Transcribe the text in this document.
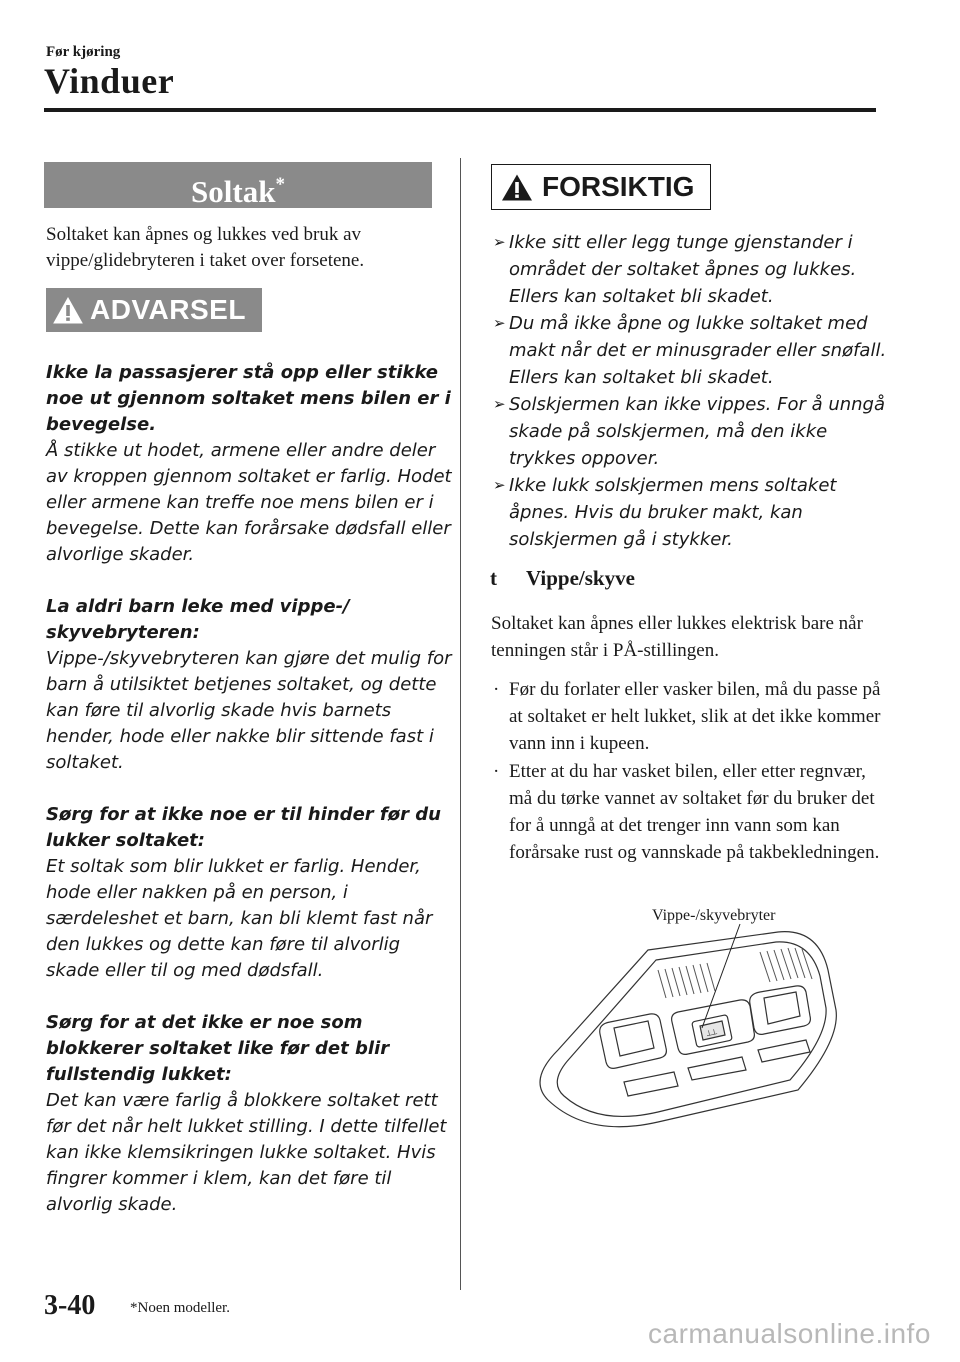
Før kjøring
Vinduer
Soltak*
Soltaket kan åpnes og lukkes ved bruk av vippe/glidebryteren i taket over forsetene.
ADVARSEL

Ikke la passasjerer stå opp eller stikke noe ut gjennom soltaket mens bilen er i bevegelse.
Å stikke ut hodet, armene eller andre deler av kroppen gjennom soltaket er farlig. Hodet eller armene kan treffe noe mens bilen er i bevegelse. Dette kan forårsake dødsfall eller alvorlige skader.

La aldri barn leke med vippe-/ skyvebryteren:
Vippe-/skyvebryteren kan gjøre det mulig for barn å utilsiktet betjenes soltaket, og dette kan føre til alvorlig skade hvis barnets hender, hode eller nakke blir sittende fast i soltaket.

Sørg for at ikke noe er til hinder før du lukker soltaket:
Et soltak som blir lukket er farlig. Hender, hode eller nakken på en person, i særdeleshet et barn, kan bli klemt fast når den lukkes og dette kan føre til alvorlig skade eller til og med dødsfall.

Sørg for at det ikke er noe som blokkerer soltaket like før det blir fullstendig lukket:
Det kan være farlig å blokkere soltaket rett før det når helt lukket stilling. I dette tilfellet kan ikke klemsikringen lukke soltaket. Hvis fingrer kommer i klem, kan det føre til alvorlig skade.

FORSIKTIG
➢ Ikke sitt eller legg tunge gjenstander i området der soltaket åpnes og lukkes. Ellers kan soltaket bli skadet.
➢ Du må ikke åpne og lukke soltaket med makt når det er minusgrader eller snøfall. Ellers kan soltaket bli skadet.
➢ Solskjermen kan ikke vippes. For å unngå skade på solskjermen, må den ikke trykkes oppover.
➢ Ikke lukk solskjermen mens soltaket åpnes. Hvis du bruker makt, kan solskjermen gå i stykker.
t Vippe/skyve
Soltaket kan åpnes eller lukkes elektrisk bare når tenningen står i PÅ-stillingen.
· Før du forlater eller vasker bilen, må du passe på at soltaket er helt lukket, slik at det ikke kommer vann inn i kupeen.
· Etter at du har vasket bilen, eller etter regnvær, må du tørke vannet av soltaket før du bruker det for å unngå at det trenger inn vann som kan forårsake rust og vannskade på takbekledningen.
Vippe-/skyvebryter
⟂⟂
3-40 *Noen modeller.
carmanualsonline.info
